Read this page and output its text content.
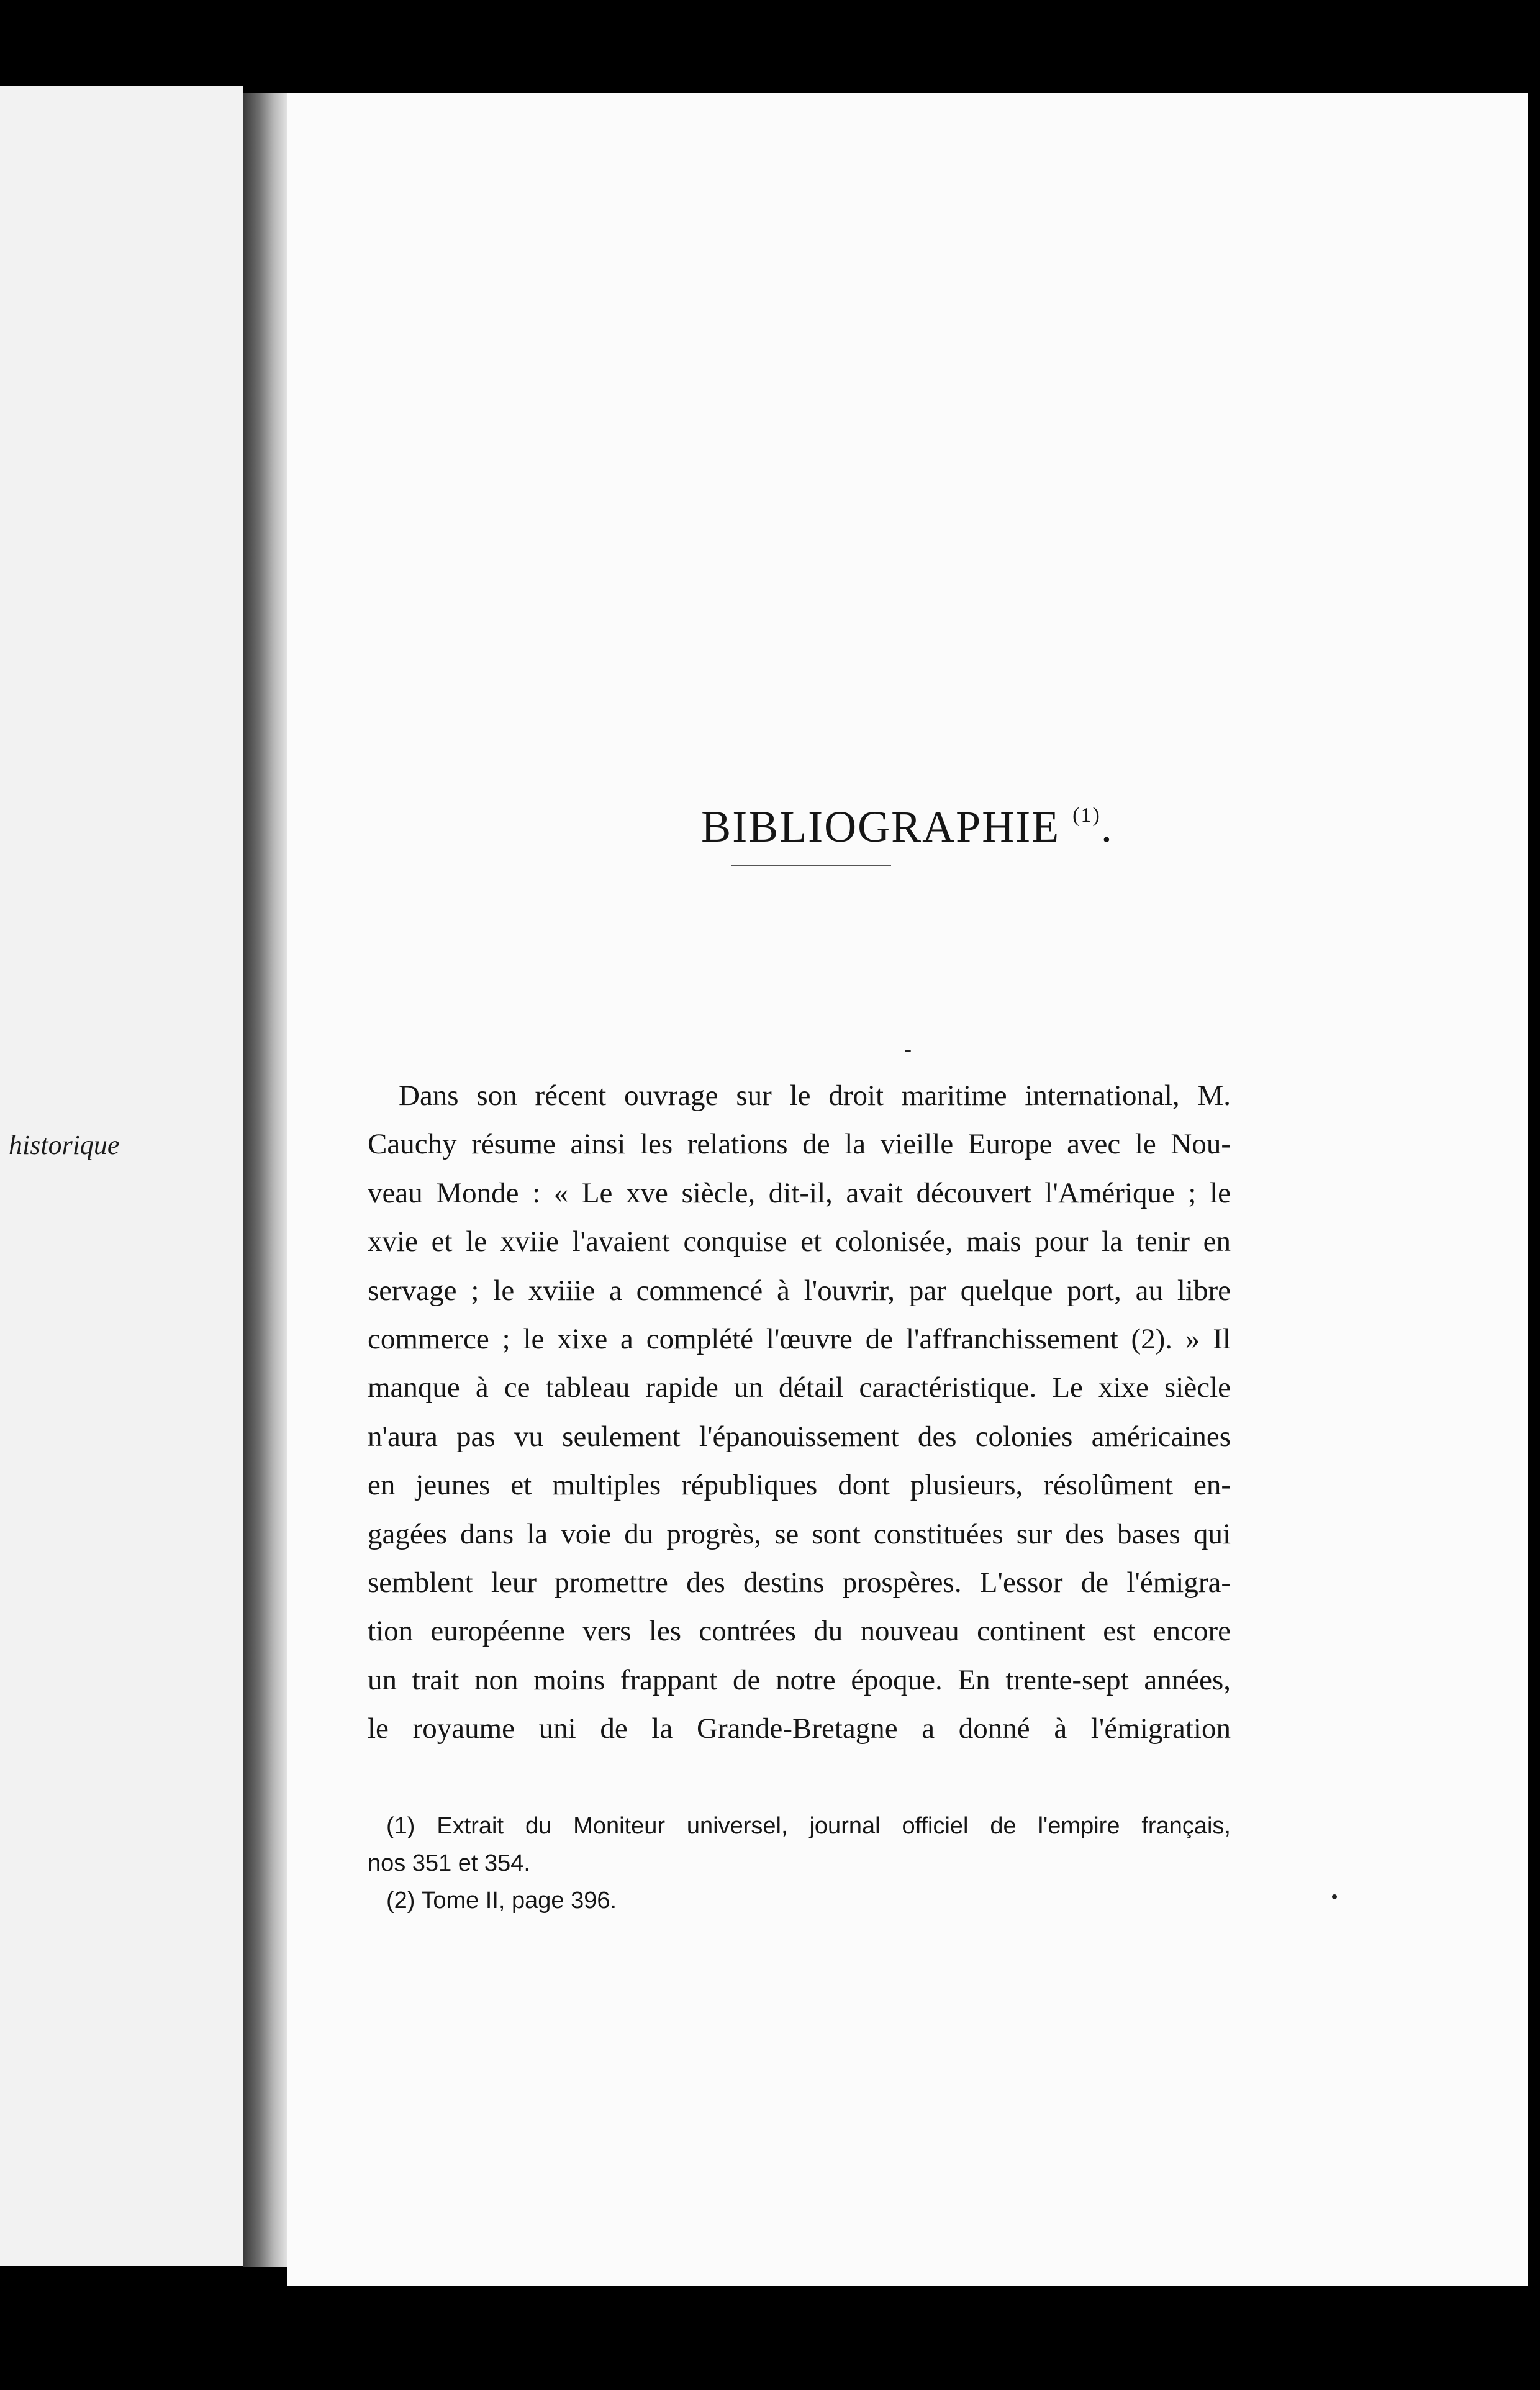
historique
BIBLIOGRAPHIE $^{(1)}$.
Dans son récent ouvrage sur le droit maritime international, M.
Cauchy résume ainsi les relations de la vieille Europe avec le Nou-
veau Monde : « Le xve siècle, dit-il, avait découvert l'Amérique ; le
xvie et le xviie l'avaient conquise et colonisée, mais pour la tenir en
servage ; le xviiie a commencé à l'ouvrir, par quelque port, au libre
commerce ; le xixe a complété l'œuvre de l'affranchissement (2). » Il
manque à ce tableau rapide un détail caractéristique. Le xixe siècle
n'aura pas vu seulement l'épanouissement des colonies américaines
en jeunes et multiples républiques dont plusieurs, résolûment en-
gagées dans la voie du progrès, se sont constituées sur des bases qui
semblent leur promettre des destins prospères. L'essor de l'émigra-
tion européenne vers les contrées du nouveau continent est encore
un trait non moins frappant de notre époque. En trente-sept années,
le royaume uni de la Grande-Bretagne a donné à l'émigration
(1) Extrait du Moniteur universel, journal officiel de l'empire français,
nos 351 et 354.
(2) Tome II, page 396.
